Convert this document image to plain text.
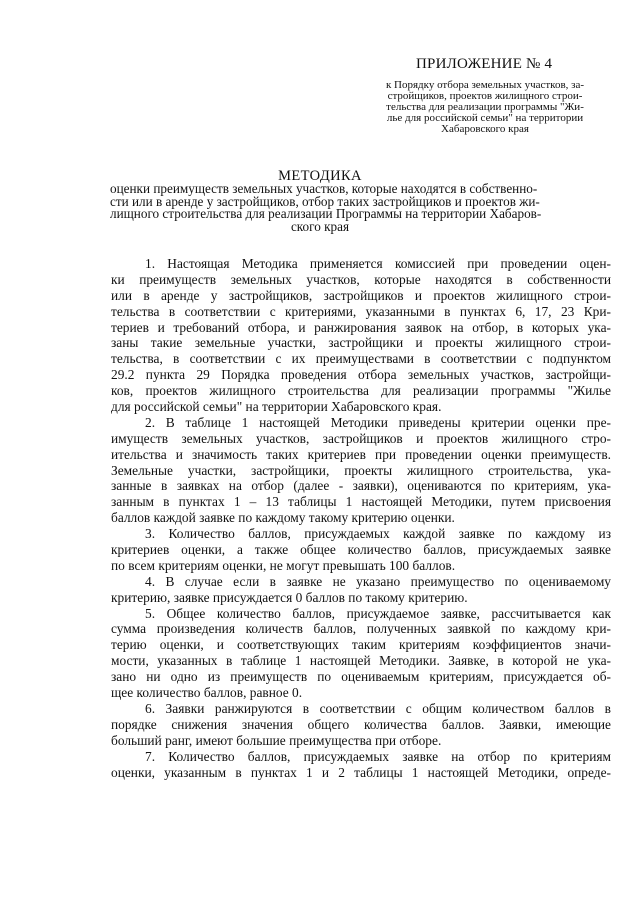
ПРИЛОЖЕНИЕ № 4
к Порядку отбора земельных участков, за-
стройщиков, проектов жилищного строи-
тельства для реализации программы "Жи-
лье для российской семьи" на территории
Хабаровского края
МЕТОДИКА
оценки преимуществ земельных участков, которые находятся в собственно-
сти или в аренде у застройщиков, отбор таких застройщиков и проектов жи-
лищного строительства для реализации Программы на территории Хабаров-
ского края
1. Настоящая Методика применяется комиссией при проведении оцен-
ки преимуществ земельных участков, которые находятся в собственности
или в аренде у застройщиков, застройщиков и проектов жилищного строи-
тельства в соответствии с критериями, указанными в пунктах 6, 17, 23 Кри-
териев и требований отбора, и ранжирования заявок на отбор, в которых ука-
заны такие земельные участки, застройщики и проекты жилищного строи-
тельства, в соответствии с их преимуществами в соответствии с подпунктом
29.2 пункта 29 Порядка проведения отбора земельных участков, застройщи-
ков, проектов жилищного строительства для реализации программы "Жилье
для российской семьи" на территории Хабаровского края.
2. В таблице 1 настоящей Методики приведены критерии оценки пре-
имуществ земельных участков, застройщиков и проектов жилищного стро-
ительства и значимость таких критериев при проведении оценки преимуществ.
Земельные участки, застройщики, проекты жилищного строительства, ука-
занные в заявках на отбор (далее - заявки), оцениваются по критериям, ука-
занным в пунктах 1 – 13 таблицы 1 настоящей Методики, путем присвоения
баллов каждой заявке по каждому такому критерию оценки.
3. Количество баллов, присуждаемых каждой заявке по каждому из
критериев оценки, а также общее количество баллов, присуждаемых заявке
по всем критериям оценки, не могут превышать 100 баллов.
4. В случае если в заявке не указано преимущество по оцениваемому
критерию, заявке присуждается 0 баллов по такому критерию.
5. Общее количество баллов, присуждаемое заявке, рассчитывается как
сумма произведения количеств баллов, полученных заявкой по каждому кри-
терию оценки, и соответствующих таким критериям коэффициентов значи-
мости, указанных в таблице 1 настоящей Методики. Заявке, в которой не ука-
зано ни одно из преимуществ по оцениваемым критериям, присуждается об-
щее количество баллов, равное 0.
6. Заявки ранжируются в соответствии с общим количеством баллов в
порядке снижения значения общего количества баллов. Заявки, имеющие
больший ранг, имеют большие преимущества при отборе.
7. Количество баллов, присуждаемых заявке на отбор по критериям
оценки, указанным в пунктах 1 и 2 таблицы 1 настоящей Методики, опреде-
